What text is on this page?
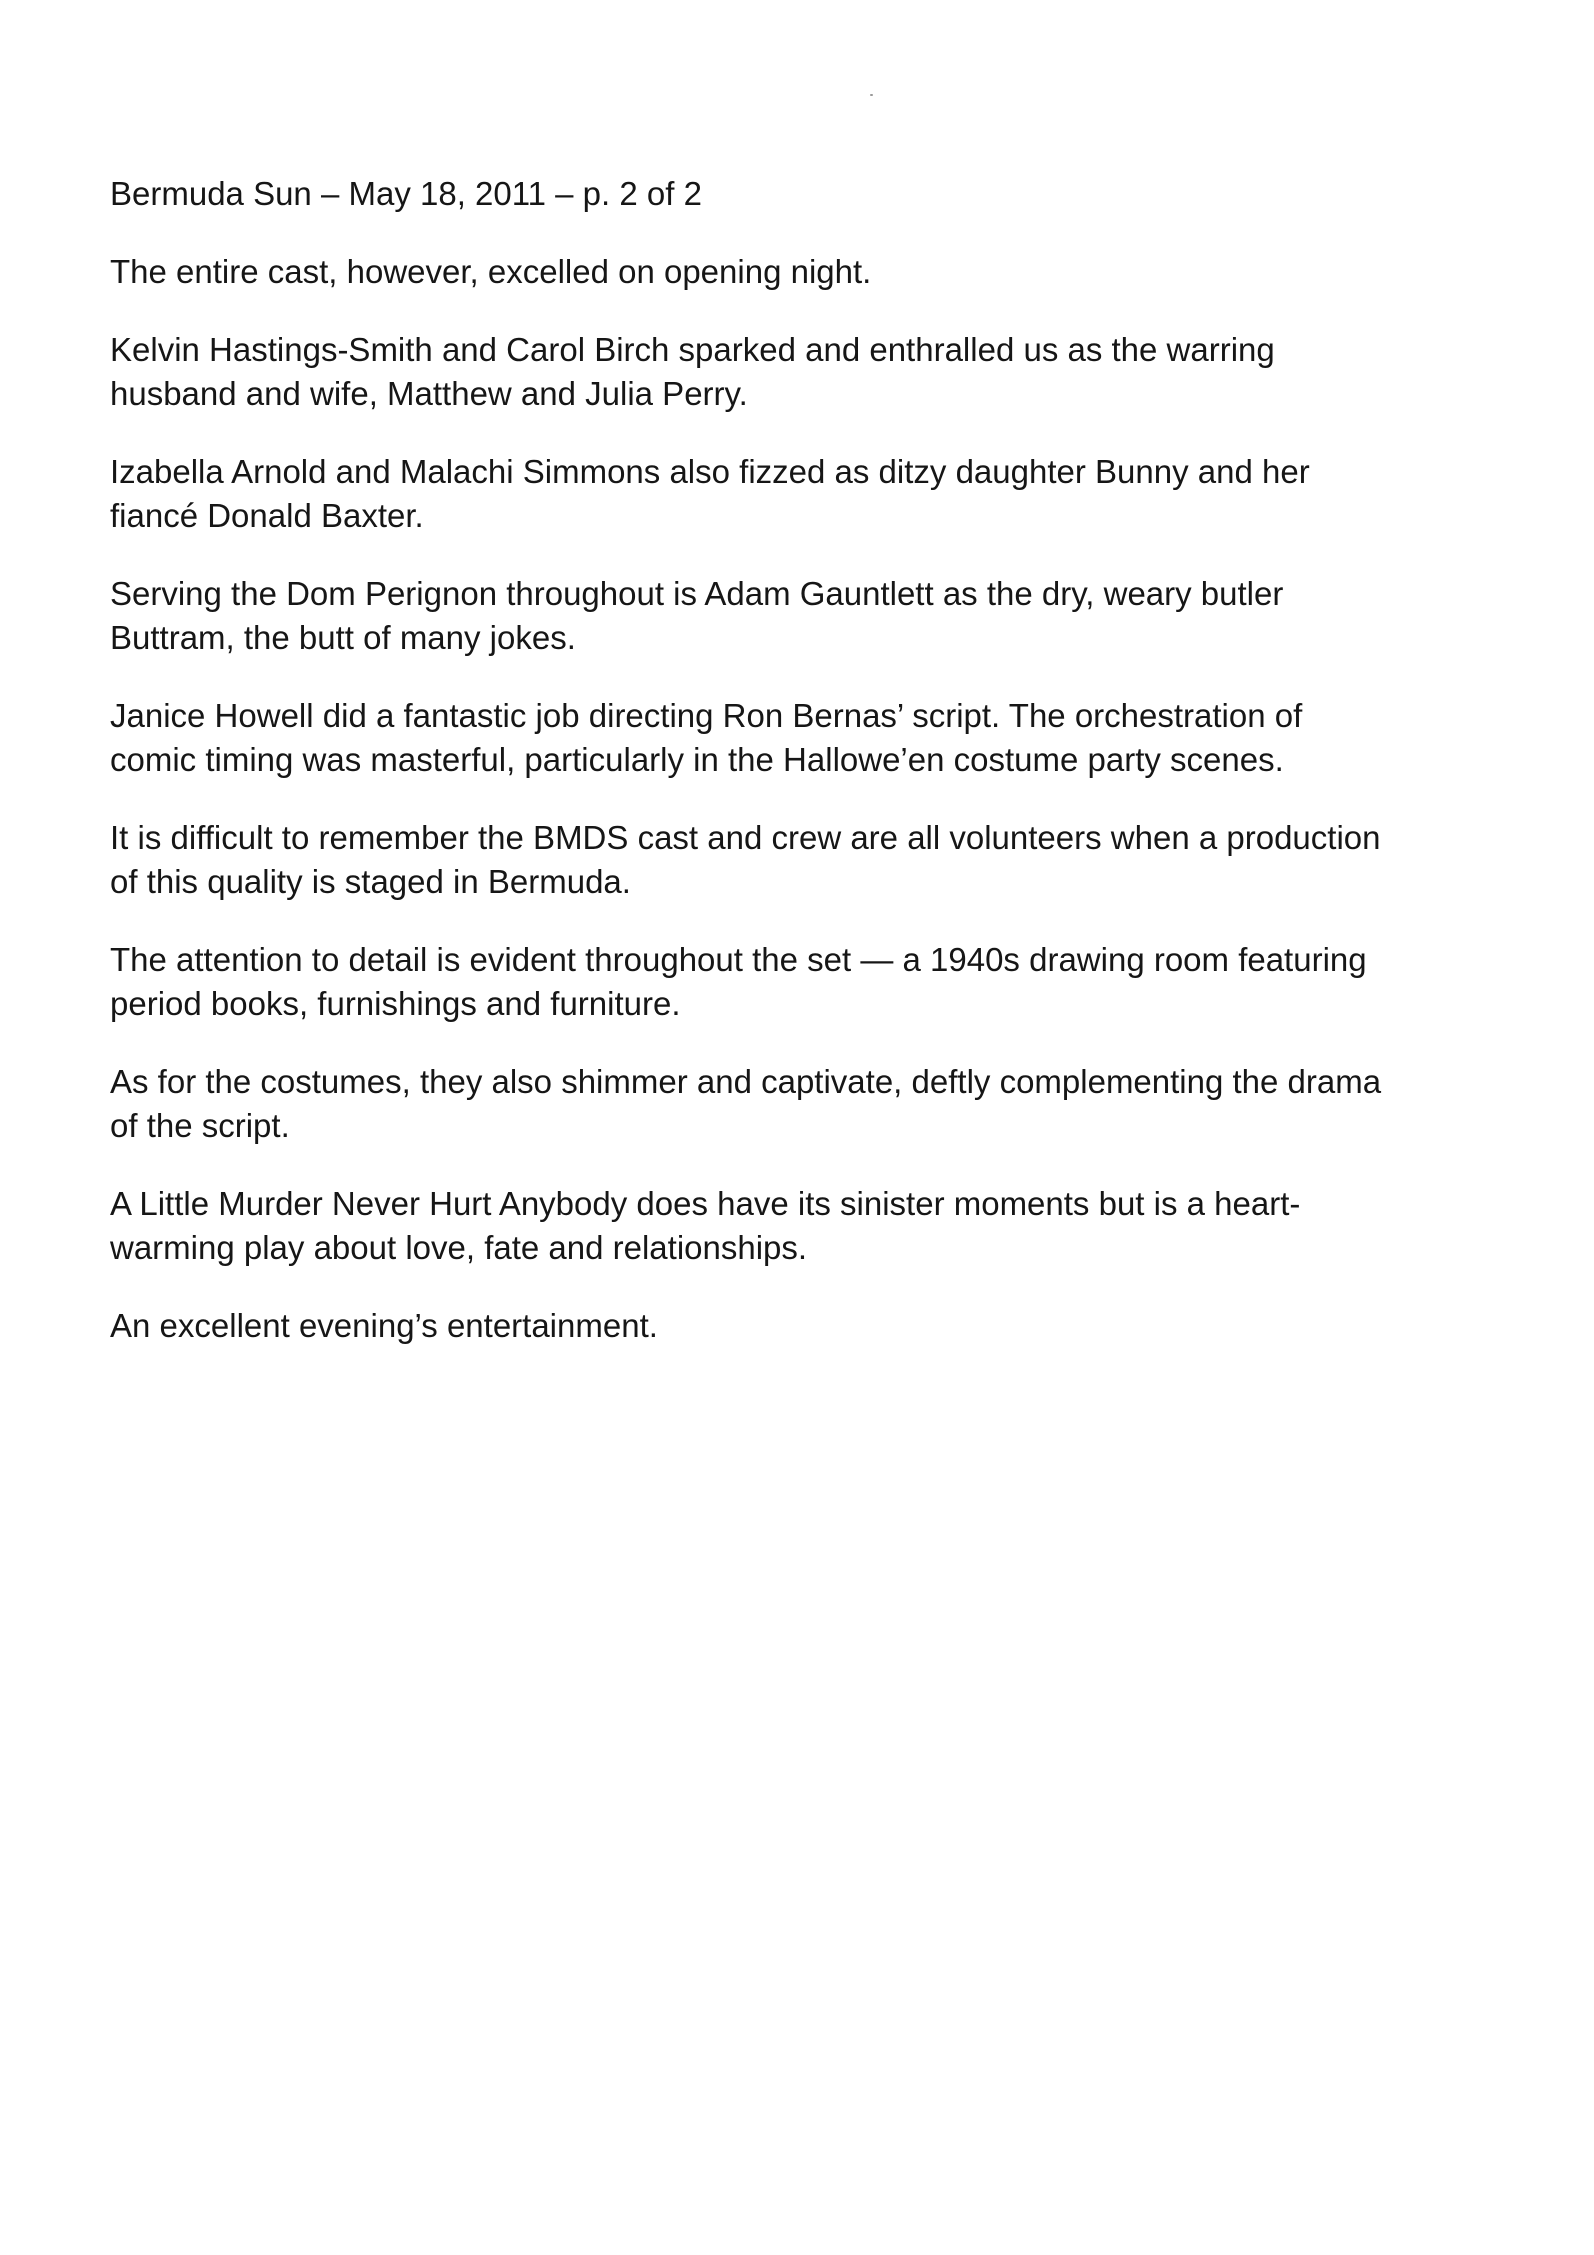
Bermuda Sun – May 18, 2011 – p. 2 of 2
The entire cast, however, excelled on opening night.
Kelvin Hastings-Smith and Carol Birch sparked and enthralled us as the warring
husband and wife, Matthew and Julia Perry.
Izabella Arnold and Malachi Simmons also fizzed as ditzy daughter Bunny and her
fiancé Donald Baxter.
Serving the Dom Perignon throughout is Adam Gauntlett as the dry, weary butler
Buttram, the butt of many jokes.
Janice Howell did a fantastic job directing Ron Bernas’ script. The orchestration of
comic timing was masterful, particularly in the Hallowe’en costume party scenes.
It is difficult to remember the BMDS cast and crew are all volunteers when a production
of this quality is staged in Bermuda.
The attention to detail is evident throughout the set — a 1940s drawing room featuring
period books, furnishings and furniture.
As for the costumes, they also shimmer and captivate, deftly complementing the drama
of the script.
A Little Murder Never Hurt Anybody does have its sinister moments but is a heart-
warming play about love, fate and relationships.
An excellent evening’s entertainment.
